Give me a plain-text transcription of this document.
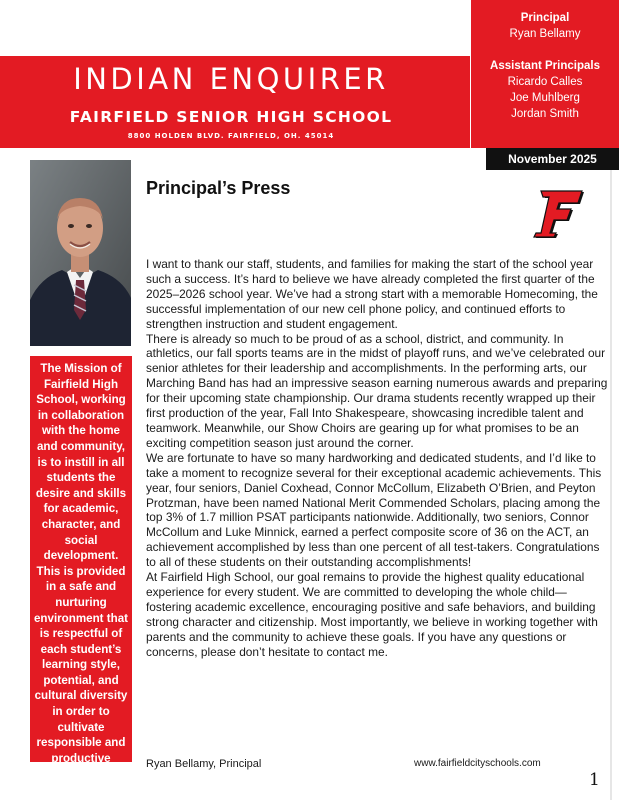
INDIAN ENQUIRER
FAIRFIELD SENIOR HIGH SCHOOL
8800 HOLDEN BLVD. FAIRFIELD, OH. 45014
Principal
Ryan Bellamy
Assistant Principals
Ricardo Calles
Joe Muhlberg
Jordan Smith
November 2025
The Mission of Fairfield High School, working in collaboration with the home and community, is to instill in all students the desire and skills for academic, character, and social development. This is provided in a safe and nurturing environment that is respectful of each student’s learning style, potential, and cultural diversity in order to cultivate responsible and productive citizens for the future.
Principal’s Press

I want to thank our staff, students, and families for making the start of the school year such a success. It’s hard to believe we have already completed the first quarter of the 2025–2026 school year. We’ve had a strong start with a memorable Homecoming, the successful implementation of our new cell phone policy, and continued efforts to strengthen instruction and student engagement.

There is already so much to be proud of as a school, district, and community. In athletics, our fall sports teams are in the midst of playoff runs, and we’ve celebrated our senior athletes for their leadership and accomplishments. In the performing arts, our Marching Band has had an impressive season earning numerous awards and preparing for their upcoming state championship. Our drama students recently wrapped up their first production of the year, Fall Into Shakespeare, showcasing incredible talent and teamwork. Meanwhile, our Show Choirs are gearing up for what promises to be an exciting competition season just around the corner.

We are fortunate to have so many hardworking and dedicated students, and I’d like to take a moment to recognize several for their exceptional academic achievements. This year, four seniors, Daniel Coxhead, Connor McCollum, Elizabeth O’Brien, and Peyton Protzman, have been named National Merit Commended Scholars, placing among the top 3% of 1.7 million PSAT participants nationwide. Additionally, two seniors, Connor McCollum and Luke Minnick, earned a perfect composite score of 36 on the ACT, an achievement accomplished by less than one percent of all test-takers. Congratulations to all of these students on their outstanding accomplishments!

At Fairfield High School, our goal remains to provide the highest quality educational experience for every student. We are committed to developing the whole child—fostering academic excellence, encouraging positive and safe behaviors, and building strong character and citizenship. Most importantly, we believe in working together with parents and the community to achieve these goals. If you have any questions or concerns, please don’t hesitate to contact me.

Ryan Bellamy, Principal	www.fairfieldcityschools.com
1
